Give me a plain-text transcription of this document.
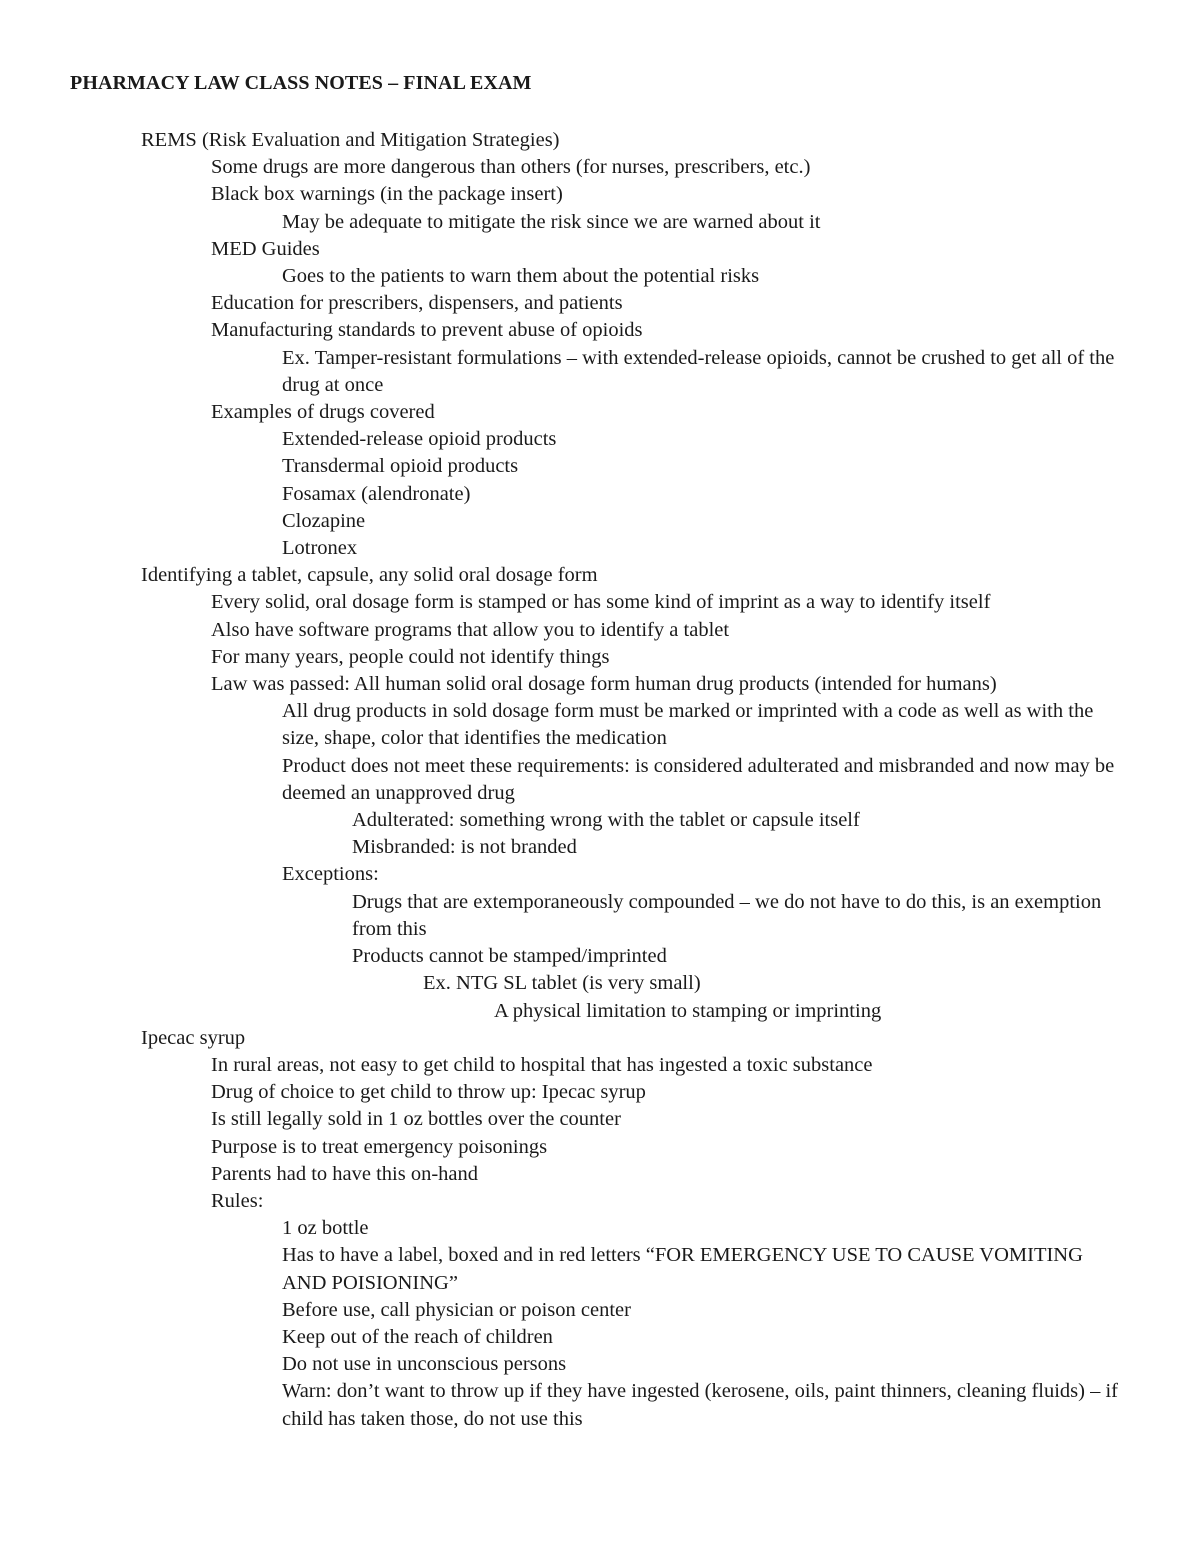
PHARMACY LAW CLASS NOTES – FINAL EXAM
REMS (Risk Evaluation and Mitigation Strategies)
Some drugs are more dangerous than others (for nurses, prescribers, etc.)
Black box warnings (in the package insert)
May be adequate to mitigate the risk since we are warned about it
MED Guides
Goes to the patients to warn them about the potential risks
Education for prescribers, dispensers, and patients
Manufacturing standards to prevent abuse of opioids
Ex. Tamper-resistant formulations – with extended-release opioids, cannot be crushed to get all of the drug at once
Examples of drugs covered
Extended-release opioid products
Transdermal opioid products
Fosamax (alendronate)
Clozapine
Lotronex
Identifying a tablet, capsule, any solid oral dosage form
Every solid, oral dosage form is stamped or has some kind of imprint as a way to identify itself
Also have software programs that allow you to identify a tablet
For many years, people could not identify things
Law was passed: All human solid oral dosage form human drug products (intended for humans)
All drug products in sold dosage form must be marked or imprinted with a code as well as with the size, shape, color that identifies the medication
Product does not meet these requirements: is considered adulterated and misbranded and now may be deemed an unapproved drug
Adulterated: something wrong with the tablet or capsule itself
Misbranded: is not branded
Exceptions:
Drugs that are extemporaneously compounded – we do not have to do this, is an exemption from this
Products cannot be stamped/imprinted
Ex. NTG SL tablet (is very small)
A physical limitation to stamping or imprinting
Ipecac syrup
In rural areas, not easy to get child to hospital that has ingested a toxic substance
Drug of choice to get child to throw up: Ipecac syrup
Is still legally sold in 1 oz bottles over the counter
Purpose is to treat emergency poisonings
Parents had to have this on-hand
Rules:
1 oz bottle
Has to have a label, boxed and in red letters “FOR EMERGENCY USE TO CAUSE VOMITING AND POISIONING”
Before use, call physician or poison center
Keep out of the reach of children
Do not use in unconscious persons
Warn: don’t want to throw up if they have ingested (kerosene, oils, paint thinners, cleaning fluids) – if child has taken those, do not use this
